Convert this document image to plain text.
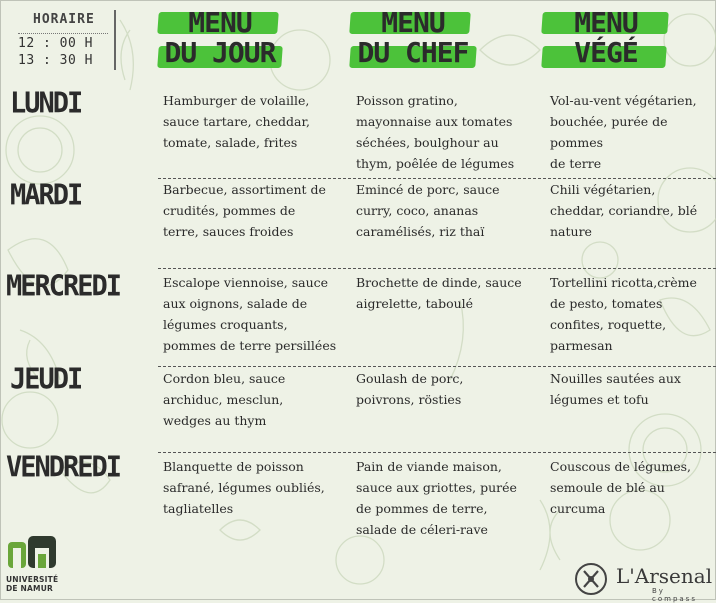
HORAIRE
12 : 00 H
13 : 30 H
MENU
DU JOUR
MENU
DU CHEF
MENU
VÉGÉ
LUNDI
MARDI
MERCREDI
JEUDI
VENDREDI
Hamburger de volaille,
sauce tartare, cheddar,
tomate, salade, frites
Poisson gratino,
mayonnaise aux tomates
séchées, boulghour au
thym, poêlée de légumes
Vol-au-vent végétarien,
bouchée, purée de pommes
de terre
Barbecue, assortiment de
crudités, pommes de
terre, sauces froides
Emincé de porc, sauce
curry, coco, ananas
caramélisés, riz thaï
Chili végétarien,
cheddar, coriandre, blé
nature
Escalope viennoise, sauce
aux oignons, salade de
légumes croquants,
pommes de terre persillées
Brochette de dinde, sauce
aigrelette, taboulé
Tortellini ricotta,crème
de pesto, tomates
confites, roquette,
parmesan
Cordon bleu, sauce
archiduc, mesclun,
wedges au thym
Goulash de porc,
poivrons, rösties
Nouilles sautées aux
légumes et tofu
Blanquette de poisson
safrané, légumes oubliés,
tagliatelles
Pain de viande maison,
sauce aux griottes, purée
de pommes de terre,
salade de céleri-rave
Couscous de légumes,
semoule de blé au
curcuma
UNIVERSITÉ
DE NAMUR
L'Arsenal
By compass
